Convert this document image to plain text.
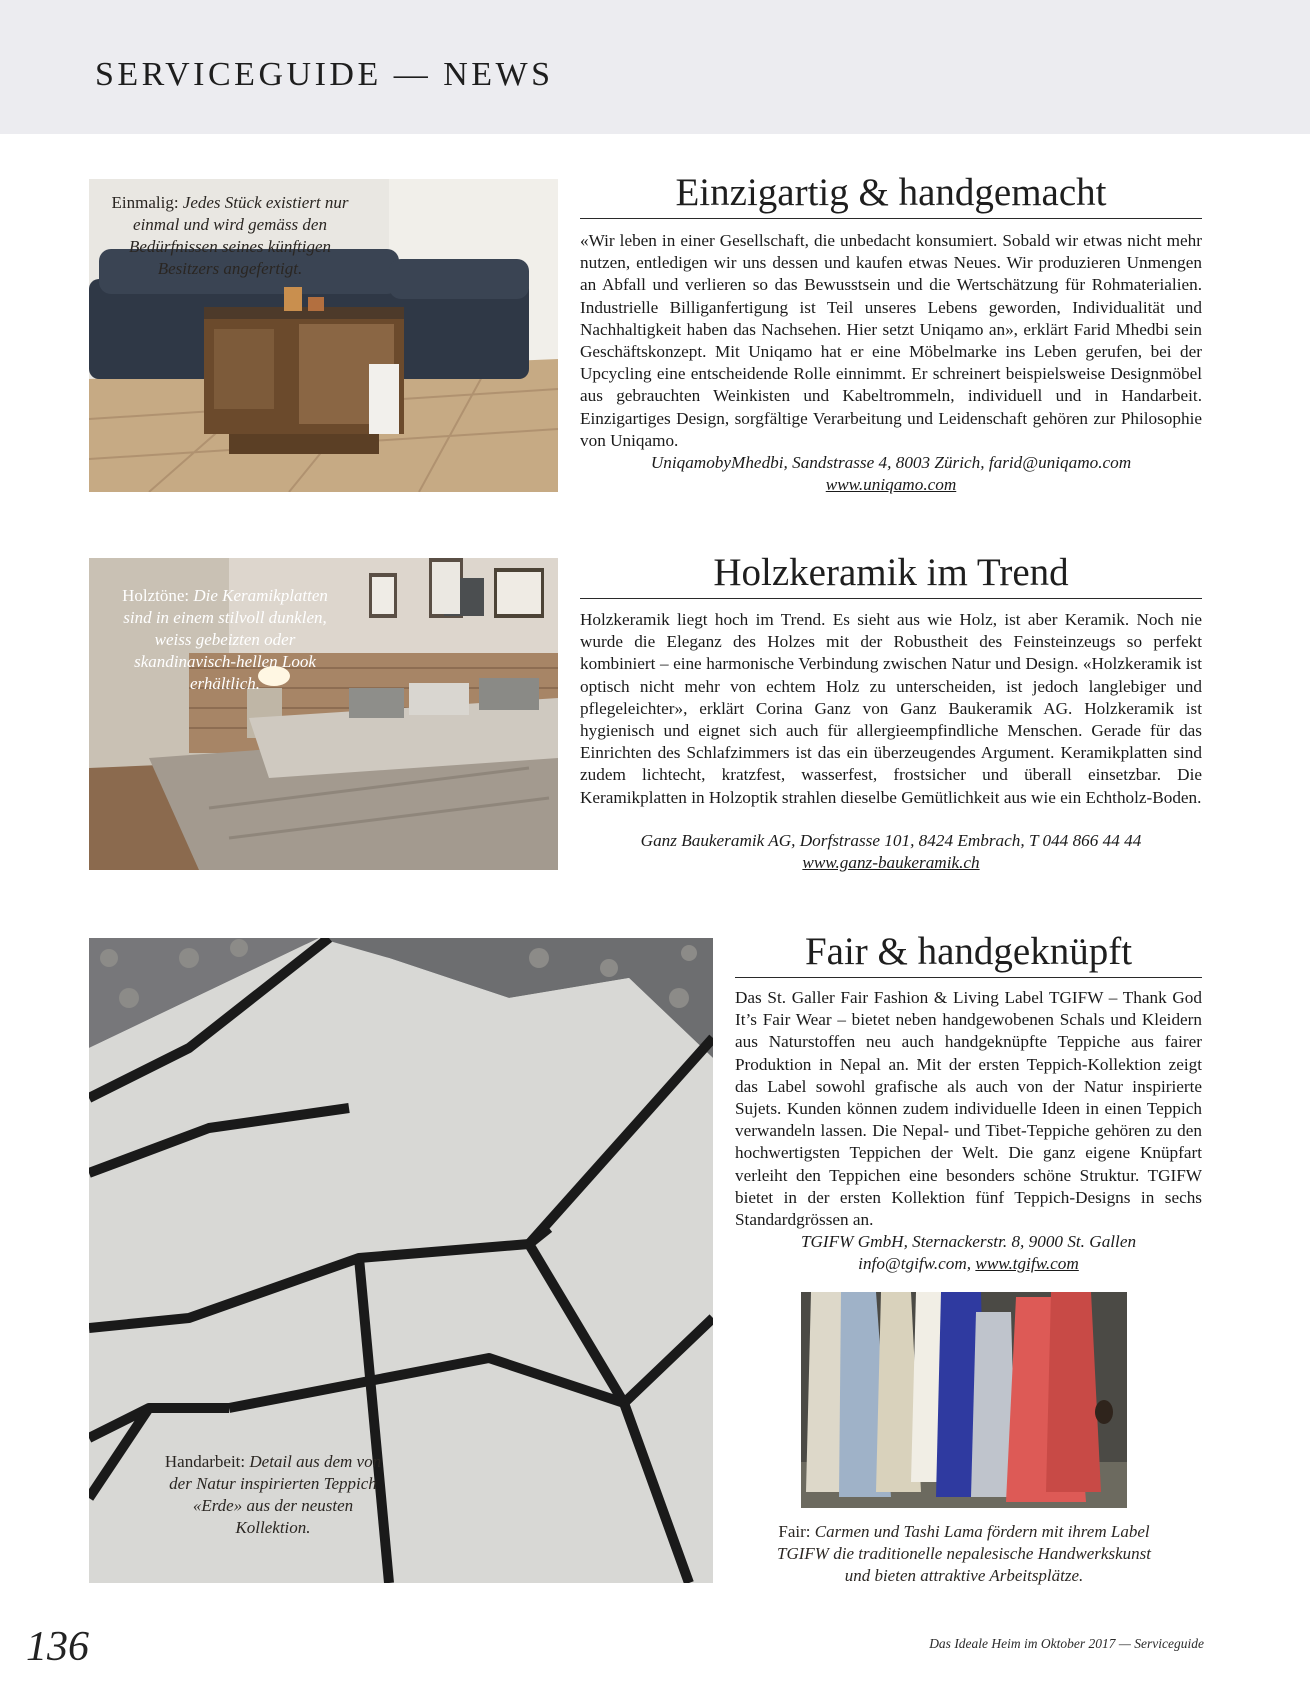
SERVICEGUIDE — NEWS
Einmalig: Jedes Stück existiert nur einmal und wird gemäss den Bedürfnissen seines künftigen Besitzers angefertigt.
Einzigartig & handgemacht

«Wir leben in einer Gesellschaft, die unbedacht konsumiert. Sobald wir etwas nicht mehr nutzen, entledigen wir uns dessen und kaufen etwas Neues. Wir produzieren Unmengen an Abfall und verlieren so das Bewusstsein und die Wertschätzung für Rohmaterialien. Industrielle Billiganfertigung ist Teil unseres Lebens geworden, Individualität und Nachhaltigkeit haben das Nachsehen. Hier setzt Uniqamo an», erklärt Farid Mhedbi sein Geschäftskonzept. Mit Uniqamo hat er eine Möbelmarke ins Leben gerufen, bei der Upcycling eine entscheidende Rolle einnimmt. Er schreinert beispielsweise Designmöbel aus gebrauchten Weinkisten und Kabeltrommeln, individuell und in Handarbeit. Einzigartiges Design, sorgfältige Verarbeitung und Leidenschaft gehören zur Philosophie von Uniqamo.

UniqamobyMhedbi, Sandstrasse 4, 8003 Zürich, farid@uniqamo.com
www.uniqamo.com

Holztöne: Die Keramikplatten sind in einem stilvoll dunklen, weiss gebeizten oder skandinavisch-hellen Look erhältlich.
Holzkeramik im Trend

Holzkeramik liegt hoch im Trend. Es sieht aus wie Holz, ist aber Keramik. Noch nie wurde die Eleganz des Holzes mit der Robustheit des Feinsteinzeugs so perfekt kombiniert – eine harmonische Verbindung zwischen Natur und Design. «Holzkeramik ist optisch nicht mehr von echtem Holz zu unterscheiden, ist jedoch langlebiger und pflegeleichter», erklärt Corina Ganz von Ganz Baukeramik AG. Holzkeramik ist hygienisch und eignet sich auch für allergieempfindliche Menschen. Gerade für das Einrichten des Schlafzimmers ist das ein überzeugendes Argument. Keramikplatten sind zudem lichtecht, kratzfest, wasserfest, frostsicher und überall einsetzbar. Die Keramikplatten in Holzoptik strahlen dieselbe Gemütlichkeit aus wie ein Echtholz-Boden.

Ganz Baukeramik AG, Dorfstrasse 101, 8424 Embrach, T 044 866 44 44
www.ganz-baukeramik.ch

Handarbeit: Detail aus dem von der Natur inspirierten Teppich «Erde» aus der neusten Kollektion.
Fair & handgeknüpft

Das St. Galler Fair Fashion & Living Label TGIFW – Thank God It’s Fair Wear – bietet neben handgewobenen Schals und Kleidern aus Naturstoffen neu auch handgeknüpfte Teppiche aus fairer Produktion in Nepal an. Mit der ersten Teppich-Kollektion zeigt das Label sowohl grafische als auch von der Natur inspirierte Sujets. Kunden können zudem individuelle Ideen in einen Teppich verwandeln lassen. Die Nepal- und Tibet-Teppiche gehören zu den hochwertigsten Teppichen der Welt. Die ganz eigene Knüpfart verleiht den Teppichen eine besonders schöne Struktur. TGIFW bietet in der ersten Kollektion fünf Teppich-Designs in sechs Standardgrössen an.

TGIFW GmbH, Sternackerstr. 8, 9000 St. Gallen
info@tgifw.com, www.tgifw.com

Fair: Carmen und Tashi Lama fördern mit ihrem Label TGIFW die traditionelle nepalesische Handwerkskunst und bieten attraktive Arbeitsplätze.
136	Das Ideale Heim im Oktober 2017 — Serviceguide
